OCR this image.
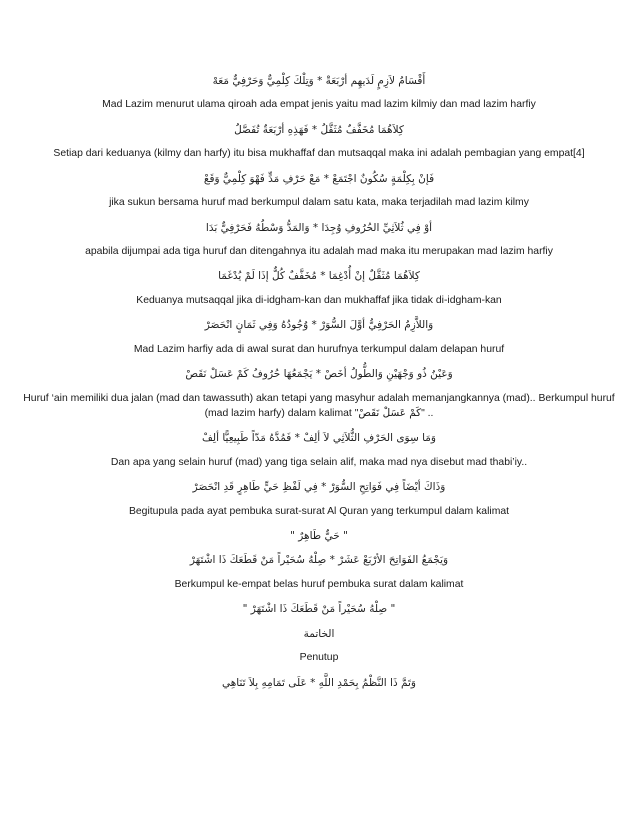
أَقْسَامُ لاَزِمٍ لَدَيهِم أرْبَعَةْ * وَتِلْكَ كِلْمِيٌّ وَحَرْفِيٌّ مَعَهْ
Mad Lazim menurut ulama qiroah ada empat jenis yaitu mad lazim kilmiy dan mad lazim harfiy
كِلاَهُمَا مُخَفَّفٌ مُثَقَّلُ * فَهَذِهِ أرْبَعَةٌ تُفَصَّلُ
Setiap dari keduanya (kilmy dan harfy) itu bisa mukhaffaf dan mutsaqqal maka ini adalah pembagian yang empat[4]
فَإنْ بِكِلْمَةٍ سُكُونٌ اجْتَمَعْ * مَعْ حَرْفِ مَدٍّ فَهْوَ كِلْمِيٌّ وَقَعْ
jika sukun bersama huruf mad berkumpul dalam satu kata, maka terjadilah mad lazim kilmy
أوْ فِي ثُلاَثِيِّ الحُرُوفِ وُجِدَا * وَالمَدُّ وَسْطُهُ فَحَرْفِيٌّ بَدَا
apabila dijumpai ada tiga huruf dan ditengahnya itu adalah mad maka itu merupakan mad lazim harfiy
كِلاَهُمَا مُثَقَّلٌ إنْ أُدْغِمَا * مُخَفَّفٌ كُلٌّ إذَا لَمْ يُدْغَمَا
Keduanya mutsaqqal jika di-idgham-kan dan mukhaffaf jika tidak di-idgham-kan
وَاللاَّزِمُ الحَرْفِيُّ أوَّلَ السُّوَرْ * وُجُودُهُ وَفِي ثَمَانٍ انْحَصَرْ
Mad Lazim harfiy ada di awal surat dan hurufnya terkumpul dalam delapan huruf
وَعَيْنُ ذُو وَجْهَيْنِ وَالطُّولُ أخَصْ * يَجْمَعُهَا حُرُوفُ كَمْ عَسَلْ نَقَصْ
Huruf ‘ain memiliki dua jalan (mad dan tawassuth) akan tetapi yang masyhur adalah memanjangkannya (mad).. Berkumpul huruf (mad lazim harfy) dalam kalimat "كَمْ عَسَلْ نَقَصْ" ..
وَمَا سِوَى الحَرْفِ الثُّلاَثِي لاَ ألِفْ * فَمُدَّهُ مَدّاً طَبِيعِيًّا ألِفْ
Dan apa yang selain huruf (mad) yang tiga selain alif, maka mad nya disebut mad thabi’iy..
وَذَاكَ أيْضَاً فِي فَوَاتِحِ السُّوَرْ * فِي لَفْظِ حَيٍّ طَاهِرٍ قَدِ انْحَصَرْ
Begitupula pada ayat pembuka surat-surat Al Quran yang terkumpul dalam kalimat
" حَيٌّ طَاهِرٌ "
وَيَجْمَعُ الفَوَاتِحَ الأرْبَعْ عَشَرْ * صِلْهُ سُحَيْراً مَنْ قَطَعَكَ ذَا اشْتَهَرْ
Berkumpul ke-empat belas huruf pembuka surat dalam kalimat
" صِلْهُ سُحَيْراً مَنْ قَطَعَكَ ذَا اشْتَهَرْ "
الخاتمة
Penutup
وَتَمَّ ذَا النَّظْمُ بِحَمْدِ اللَّهِ * عَلَى تَمَامِهِ بِلاَ تَنَاهِي
